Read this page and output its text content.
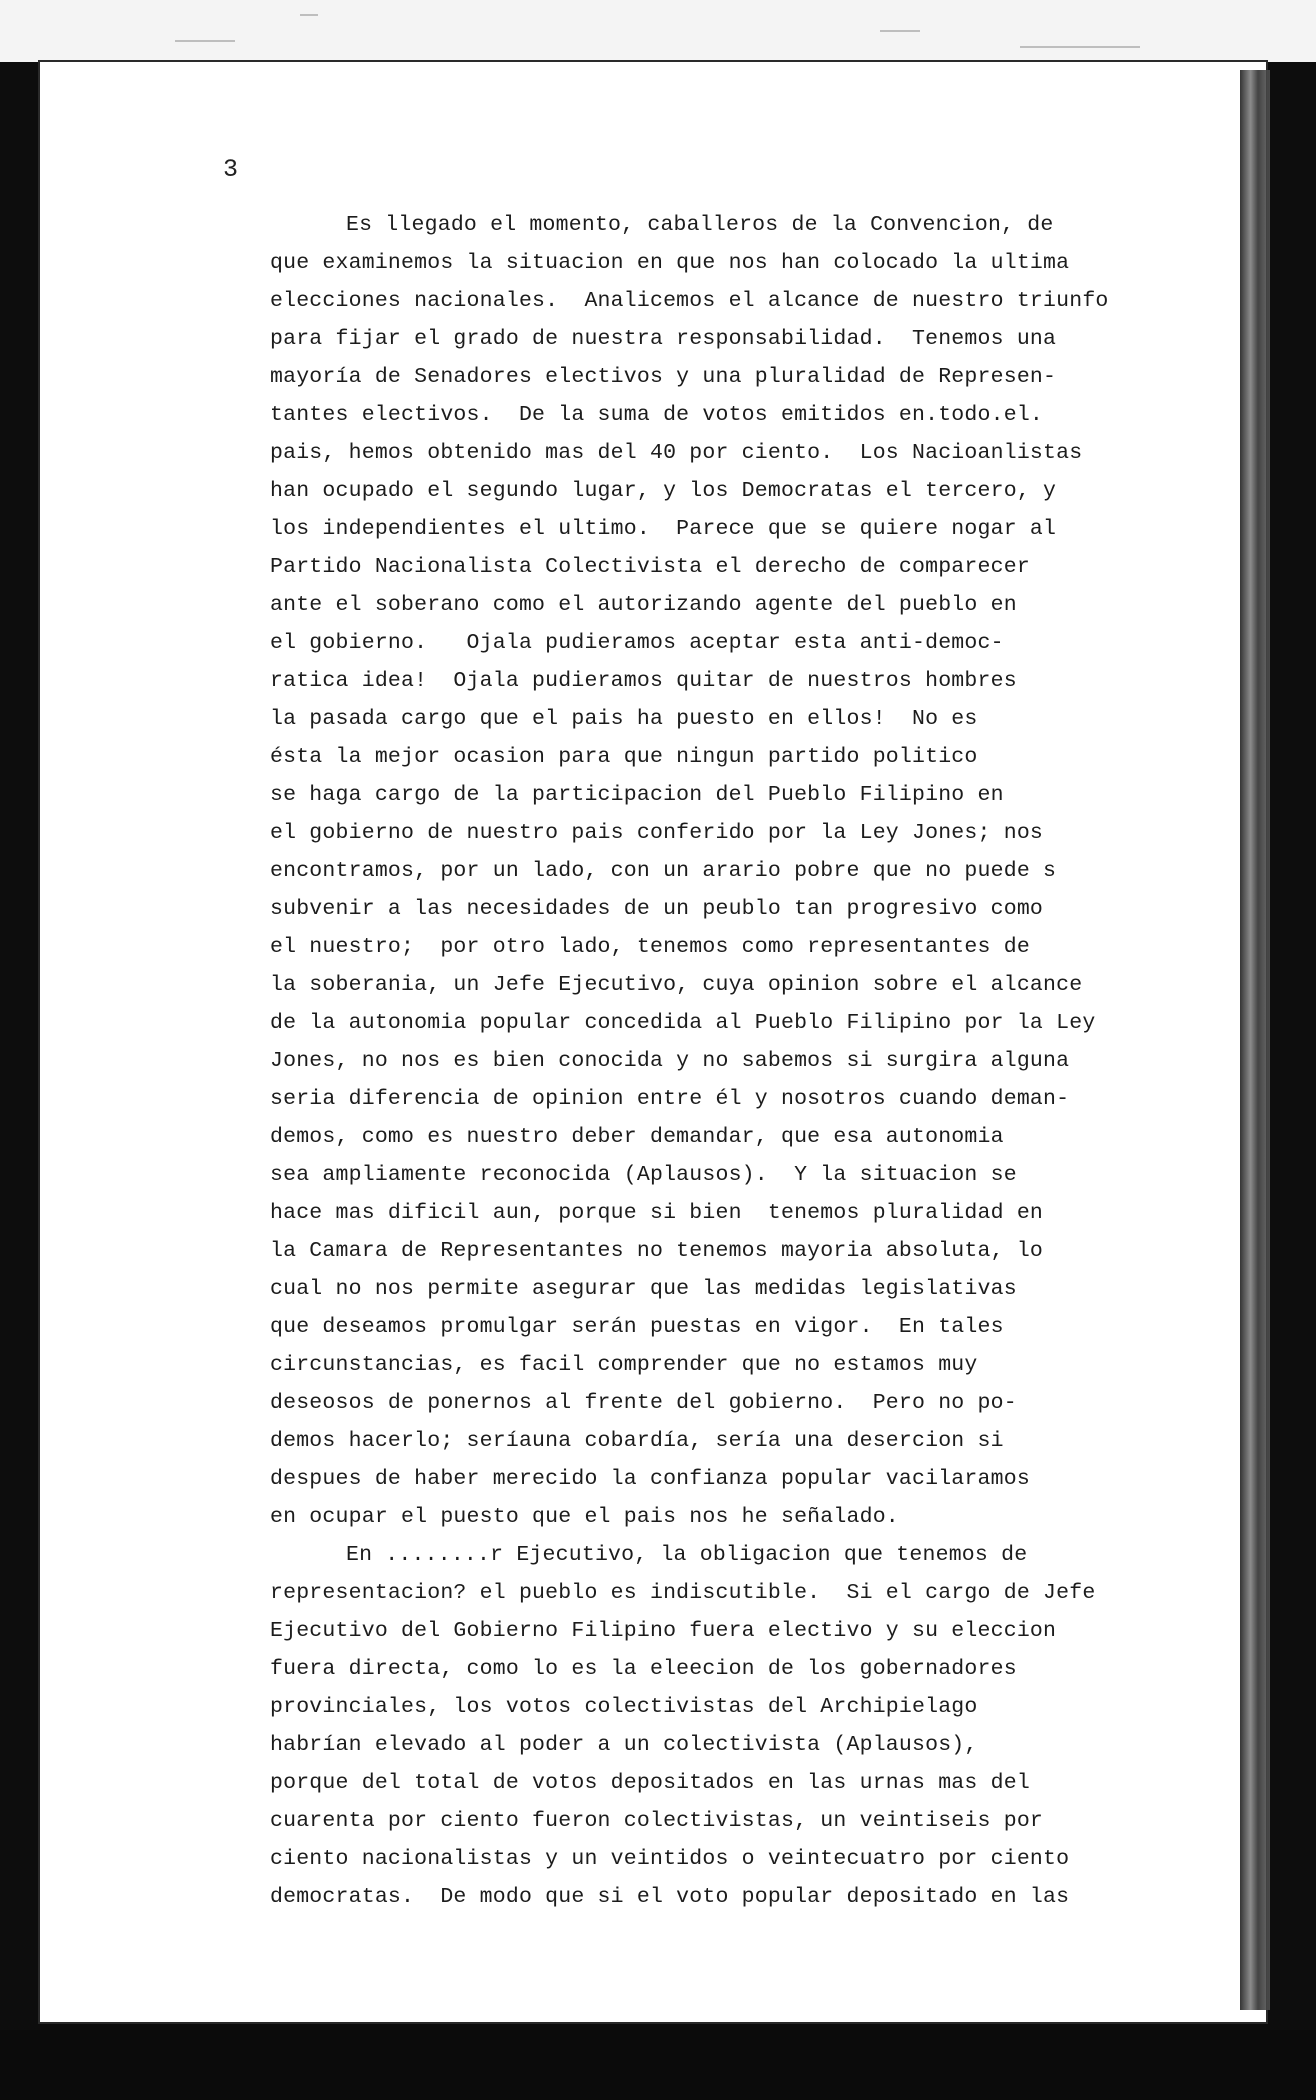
3
Es llegado el momento, caballeros de la Convencion, de
que examinemos la situacion en que nos han colocado la ultima
elecciones nacionales.  Analicemos el alcance de nuestro triunfo
para fijar el grado de nuestra responsabilidad.  Tenemos una
mayoría de Senadores electivos y una pluralidad de Represen-
tantes electivos.  De la suma de votos emitidos en.todo.el.
pais, hemos obtenido mas del 40 por ciento.  Los Nacioanlistas
han ocupado el segundo lugar, y los Democratas el tercero, y
los independientes el ultimo.  Parece que se quiere nogar al
Partido Nacionalista Colectivista el derecho de comparecer
ante el soberano como el autorizando agente del pueblo en
el gobierno.   Ojala pudieramos aceptar esta anti-democ-
ratica idea!  Ojala pudieramos quitar de nuestros hombres
la pasada cargo que el pais ha puesto en ellos!  No es
ésta la mejor ocasion para que ningun partido politico
se haga cargo de la participacion del Pueblo Filipino en
el gobierno de nuestro pais conferido por la Ley Jones; nos
encontramos, por un lado, con un arario pobre que no puede s
subvenir a las necesidades de un peublo tan progresivo como
el nuestro;  por otro lado, tenemos como representantes de
la soberania, un Jefe Ejecutivo, cuya opinion sobre el alcance
de la autonomia popular concedida al Pueblo Filipino por la Ley
Jones, no nos es bien conocida y no sabemos si surgira alguna
seria diferencia de opinion entre él y nosotros cuando deman-
demos, como es nuestro deber demandar, que esa autonomia
sea ampliamente reconocida (Aplausos).  Y la situacion se
hace mas dificil aun, porque si bien  tenemos pluralidad en
la Camara de Representantes no tenemos mayoria absoluta, lo
cual no nos permite asegurar que las medidas legislativas
que deseamos promulgar serán puestas en vigor.  En tales
circunstancias, es facil comprender que no estamos muy
deseosos de ponernos al frente del gobierno.  Pero no po-
demos hacerlo; seríauna cobardía, sería una desercion si
despues de haber merecido la confianza popular vacilaramos
en ocupar el puesto que el pais nos he señalado.
En ........r Ejecutivo, la obligacion que tenemos de
representacion? el pueblo es indiscutible.  Si el cargo de Jefe
Ejecutivo del Gobierno Filipino fuera electivo y su eleccion
fuera directa, como lo es la eleecion de los gobernadores
provinciales, los votos colectivistas del Archipielago
habrían elevado al poder a un colectivista (Aplausos),
porque del total de votos depositados en las urnas mas del
cuarenta por ciento fueron colectivistas, un veintiseis por
ciento nacionalistas y un veintidos o veintecuatro por ciento
democratas.  De modo que si el voto popular depositado en las
